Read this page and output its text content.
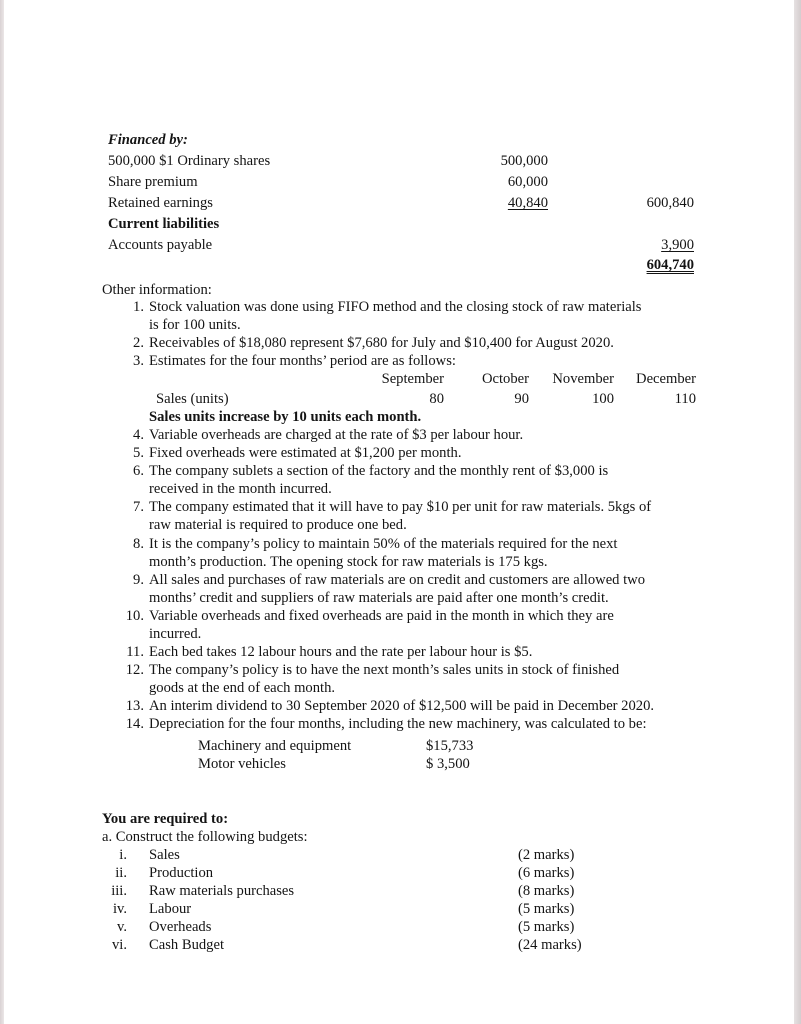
Financed by:
500,000 $1 Ordinary shares	500,000
Share premium	60,000
Retained earnings	40,840	600,840
Current liabilities
Accounts payable	3,900
604,740
Other information:
1. Stock valuation was done using FIFO method and the closing stock of raw materials
is for 100 units.
2. Receivables of $18,080 represent $7,680 for July and $10,400 for August 2020.
3. Estimates for the four months’ period are as follows:
September	October	November	December
Sales (units)	80	90	100	110
Sales units increase by 10 units each month.
4. Variable overheads are charged at the rate of $3 per labour hour.
5. Fixed overheads were estimated at $1,200 per month.
6. The company sublets a section of the factory and the monthly rent of $3,000 is
received in the month incurred.
7. The company estimated that it will have to pay $10 per unit for raw materials. 5kgs of
raw material is required to produce one bed.
8. It is the company’s policy to maintain 50% of the materials required for the next
month’s production. The opening stock for raw materials is 175 kgs.
9. All sales and purchases of raw materials are on credit and customers are allowed two
months’ credit and suppliers of raw materials are paid after one month’s credit.
10. Variable overheads and fixed overheads are paid in the month in which they are
incurred.
11. Each bed takes 12 labour hours and the rate per labour hour is $5.
12. The company’s policy is to have the next month’s sales units in stock of finished
goods at the end of each month.
13. An interim dividend to 30 September 2020 of $12,500 will be paid in December 2020.
14. Depreciation for the four months, including the new machinery, was calculated to be:
Machinery and equipment	$15,733
Motor vehicles	$ 3,500
You are required to:
a. Construct the following budgets:
i. Sales	(2 marks)
ii. Production	(6 marks)
iii. Raw materials purchases	(8 marks)
iv. Labour	(5 marks)
v. Overheads	(5 marks)
vi. Cash Budget	(24 marks)
